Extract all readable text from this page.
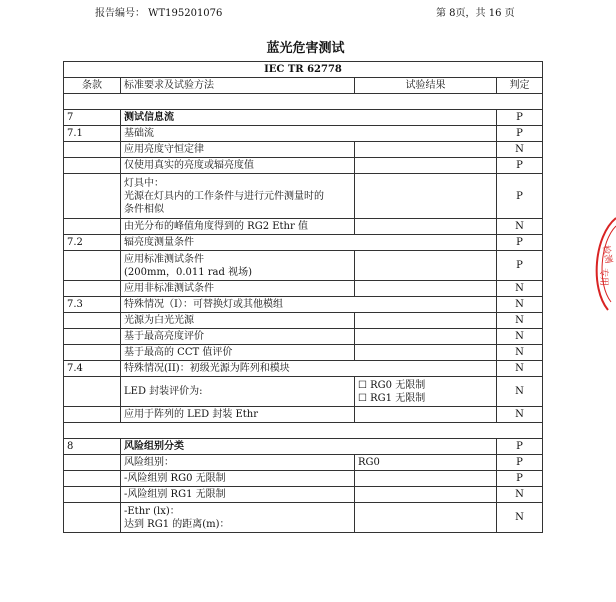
报告编号： WT195201076	第 8页，共 16 页
蓝光危害测试
IEC TR 62778			
条款	标准要求及试验方法	试验结果	判定

7	测试信息流		P
7.1	基础流		P
	应用亮度守恒定律		N
	仅使用真实的亮度或辐亮度值		P

	灯具中：
光源在灯具内的工作条件与进行元件测量时的
条件相似		P
	由光分布的峰值角度得到的 RG2 Ethr 值		N
7.2	辐亮度测量条件		P

	应用标准测试条件
(200mm，0.011 rad 视场)		P
	应用非标准测试条件		N
7.3	特殊情况（I）：可替换灯或其他模组		N
	光源为白光光源		N
	基于最高亮度评价		N
	基于最高的 CCT 值评价		N
7.4	特殊情况(II)：初级光源为阵列和模块		N
	LED 封装评价为:	☐ RG0 无限制
☐ RG1 无限制	N
	应用于阵列的 LED 封装 Ethr		N

8	风险组别分类		P
	风险组别：	RG0	P
	-风险组别 RG0 无限制		P
	-风险组别 RG1 无限制		N

	-Ethr (lx)：
达到 RG1 的距离(m)：		N
检测
专用
